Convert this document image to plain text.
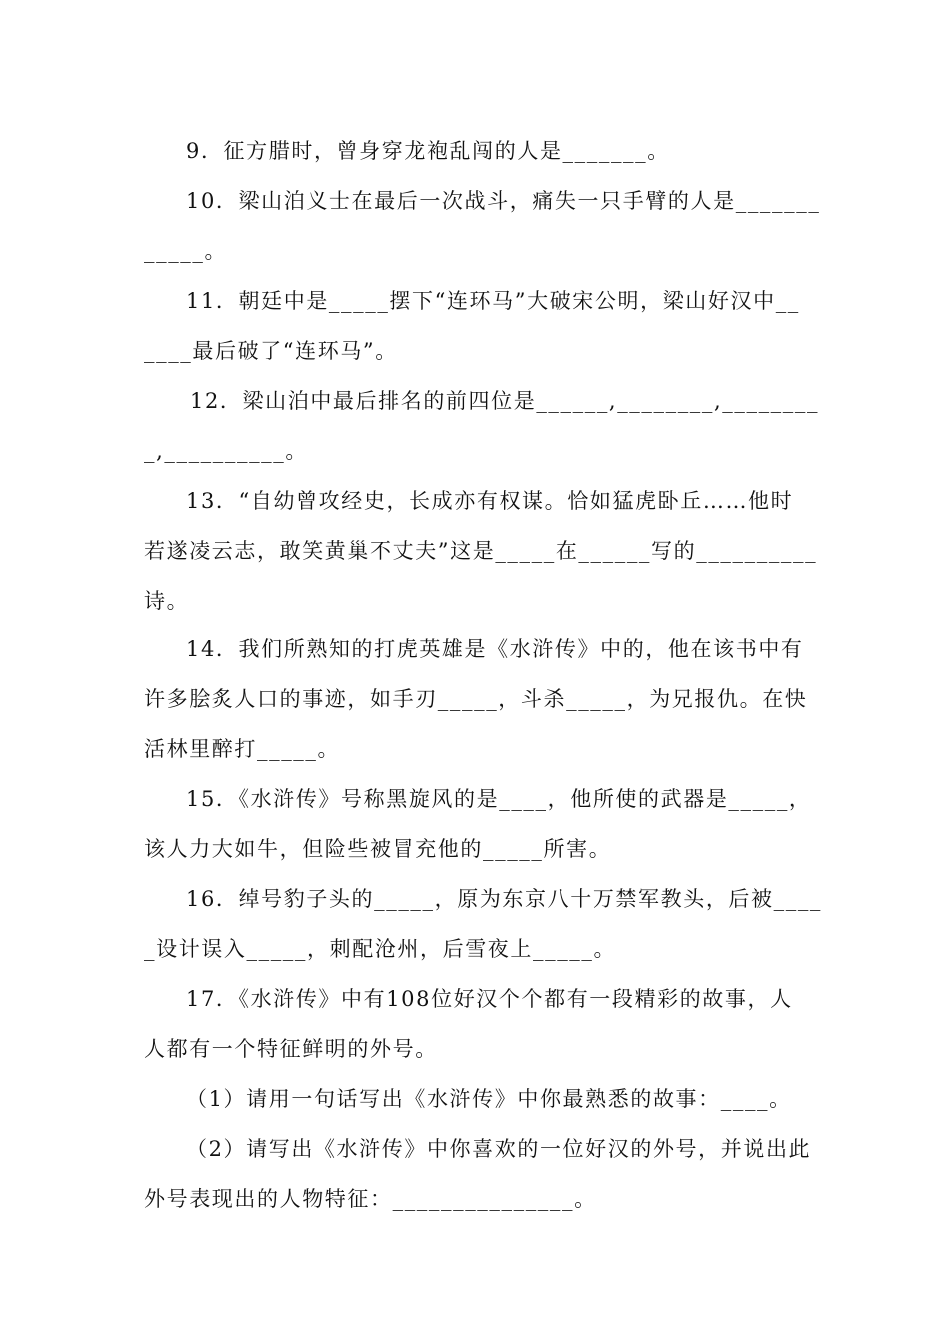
9．征方腊时，曾身穿龙袍乱闯的人是_______。
10．梁山泊义士在最后一次战斗，痛失一只手臂的人是_______
_____。
11．朝廷中是_____摆下“连环马”大破宋公明，梁山好汉中__
____最后破了“连环马”。
12．梁山泊中最后排名的前四位是______,________,________
_,__________。
13．“自幼曾攻经史，长成亦有权谋。恰如猛虎卧丘……他时
若遂凌云志，敢笑黄巢不丈夫”这是_____在______写的__________
诗。
14．我们所熟知的打虎英雄是《水浒传》中的，他在该书中有
许多脍炙人口的事迹，如手刃_____，斗杀_____，为兄报仇。在快
活林里醉打_____。
15．《水浒传》号称黑旋风的是____，他所使的武器是_____，
该人力大如牛，但险些被冒充他的_____所害。
16．绰号豹子头的_____，原为东京八十万禁军教头，后被____
_设计误入_____，刺配沧州，后雪夜上_____。
17．《水浒传》中有108位好汉个个都有一段精彩的故事，人
人都有一个特征鲜明的外号。
（1）请用一句话写出《水浒传》中你最熟悉的故事：____。
（2）请写出《水浒传》中你喜欢的一位好汉的外号，并说出此
外号表现出的人物特征：_______________。
